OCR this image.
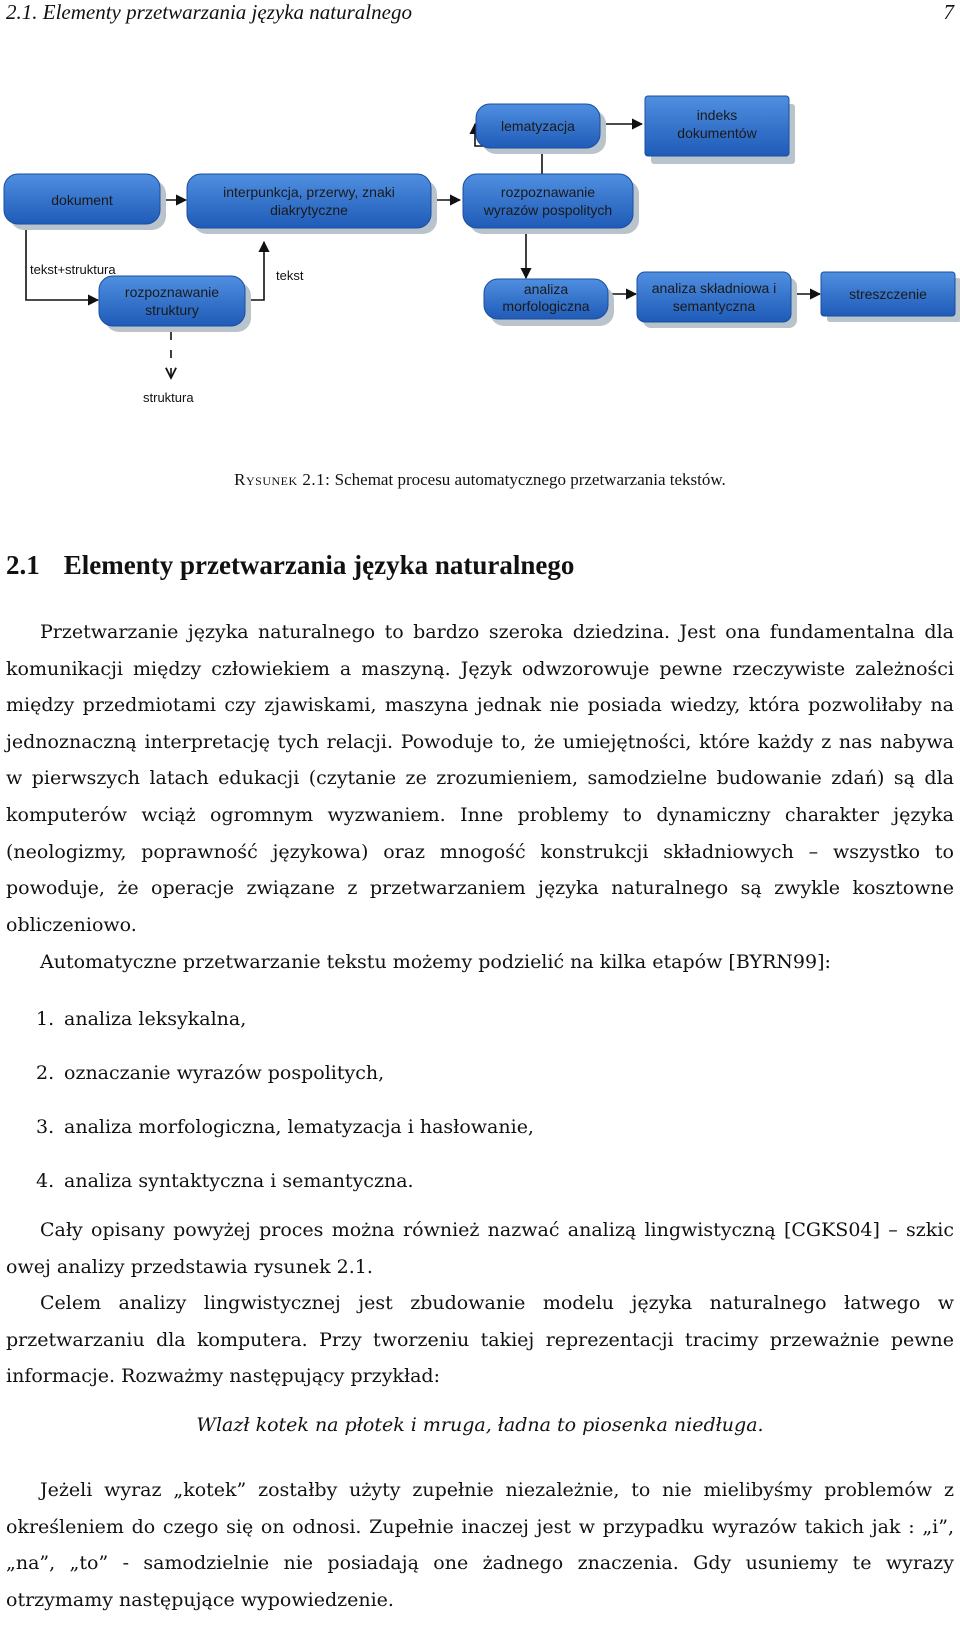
2.1. Elementy przetwarzania języka naturalnego	7
dokument	interpunkcja, przerwy, znaki
diakrytyczne
lematyzacja
indeks
dokumentów
rozpoznawanie
wyrazów pospolitych
rozpoznawanie
struktury
analiza
morfologiczna
analiza składniowa i
semantyczna
streszczenie
tekst+struktura	tekst
struktura
Rysunek 2.1: Schemat procesu automatycznego przetwarzania tekstów.
2.1 Elementy przetwarzania języka naturalnego

Przetwarzanie języka naturalnego to bardzo szeroka dziedzina. Jest ona fundamentalna dla komunikacji między człowiekiem a maszyną. Język odwzorowuje pewne rzeczywiste zależności między przedmiotami czy zjawiskami, maszyna jednak nie posiada wiedzy, która pozwoliłaby na jednoznaczną interpretację tych relacji. Powoduje to, że umiejętności, które każdy z nas nabywa w pierwszych latach edukacji (czytanie ze zrozumieniem, samodzielne budowanie zdań) są dla komputerów wciąż ogromnym wyzwaniem. Inne problemy to dynamiczny charakter języka (neologizmy, poprawność językowa) oraz mnogość konstrukcji składniowych – wszystko to powoduje, że operacje związane z przetwarzaniem języka naturalnego są zwykle kosztowne obliczeniowo.

Automatyczne przetwarzanie tekstu możemy podzielić na kilka etapów [BYRN99]:

1. analiza leksykalna,
2. oznaczanie wyrazów pospolitych,
3. analiza morfologiczna, lematyzacja i hasłowanie,
4. analiza syntaktyczna i semantyczna.

Cały opisany powyżej proces można również nazwać analizą lingwistyczną [CGKS04] – szkic owej analizy przedstawia rysunek 2.1.

Celem analizy lingwistycznej jest zbudowanie modelu języka naturalnego łatwego w przetwarzaniu dla komputera. Przy tworzeniu takiej reprezentacji tracimy przeważnie pewne informacje. Rozważmy następujący przykład:

Wlazł kotek na płotek i mruga, ładna to piosenka niedługa.

Jeżeli wyraz „kotek” zostałby użyty zupełnie niezależnie, to nie mielibyśmy problemów z określeniem do czego się on odnosi. Zupełnie inaczej jest w przypadku wyrazów takich jak : „i”, „na”, „to” - samodzielnie nie posiadają one żadnego znaczenia. Gdy usuniemy te wyrazy otrzymamy następujące wypowiedzenie.
